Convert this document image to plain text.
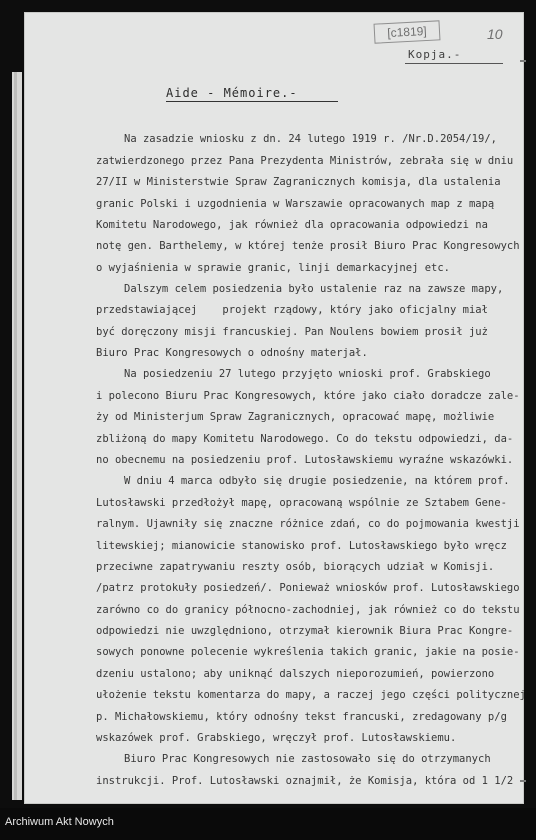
[c1819]	10
Kopja.-
Aide - Mémoire.-
Na zasadzie wniosku z dn. 24 lutego 1919 r. /Nr.D.2054/19/,
zatwierdzonego przez Pana Prezydenta Ministrów, zebrała się w dniu
27/II w Ministerstwie Spraw Zagranicznych komisja, dla ustalenia
granic Polski i uzgodnienia w Warszawie opracowanych map z mapą
Komitetu Narodowego, jak również dla opracowania odpowiedzi na
notę gen. Barthelemy, w której tenże prosił Biuro Prac Kongresowych
o wyjaśnienia w sprawie granic, linji demarkacyjnej etc.
Dalszym celem posiedzenia było ustalenie raz na zawsze mapy,
przedstawiającej    projekt rządowy, który jako oficjalny miał
być doręczony misji francuskiej. Pan Noulens bowiem prosił już
Biuro Prac Kongresowych o odnośny materjał.
Na posiedzeniu 27 lutego przyjęto wnioski prof. Grabskiego
i polecono Biuru Prac Kongresowych, które jako ciało doradcze zale-
ży od Ministerjum Spraw Zagranicznych, opracować mapę, możliwie
zbliżoną do mapy Komitetu Narodowego. Co do tekstu odpowiedzi, da-
no obecnemu na posiedzeniu prof. Lutosławskiemu wyraźne wskazówki.
W dniu 4 marca odbyło się drugie posiedzenie, na którem prof.
Lutosławski przedłożył mapę, opracowaną wspólnie ze Sztabem Gene-
ralnym. Ujawniły się znaczne różnice zdań, co do pojmowania kwestji
litewskiej; mianowicie stanowisko prof. Lutosławskiego było wręcz
przeciwne zapatrywaniu reszty osób, biorących udział w Komisji.
/patrz protokuły posiedzeń/. Ponieważ wniosków prof. Lutosławskiego
zarówno co do granicy północno-zachodniej, jak również co do tekstu
odpowiedzi nie uwzględniono, otrzymał kierownik Biura Prac Kongre-
sowych ponowne polecenie wykreślenia takich granic, jakie na posie-
dzeniu ustalono; aby uniknąć dalszych nieporozumień, powierzono
ułożenie tekstu komentarza do mapy, a raczej jego części politycznej
p. Michałowskiemu, który odnośny tekst francuski, zredagowany p/g
wskazówek prof. Grabskiego, wręczył prof. Lutosławskiemu.
Biuro Prac Kongresowych nie zastosowało się do otrzymanych
instrukcji. Prof. Lutosławski oznajmił, że Komisja, która od 1 1/2
Archiwum Akt Nowych
